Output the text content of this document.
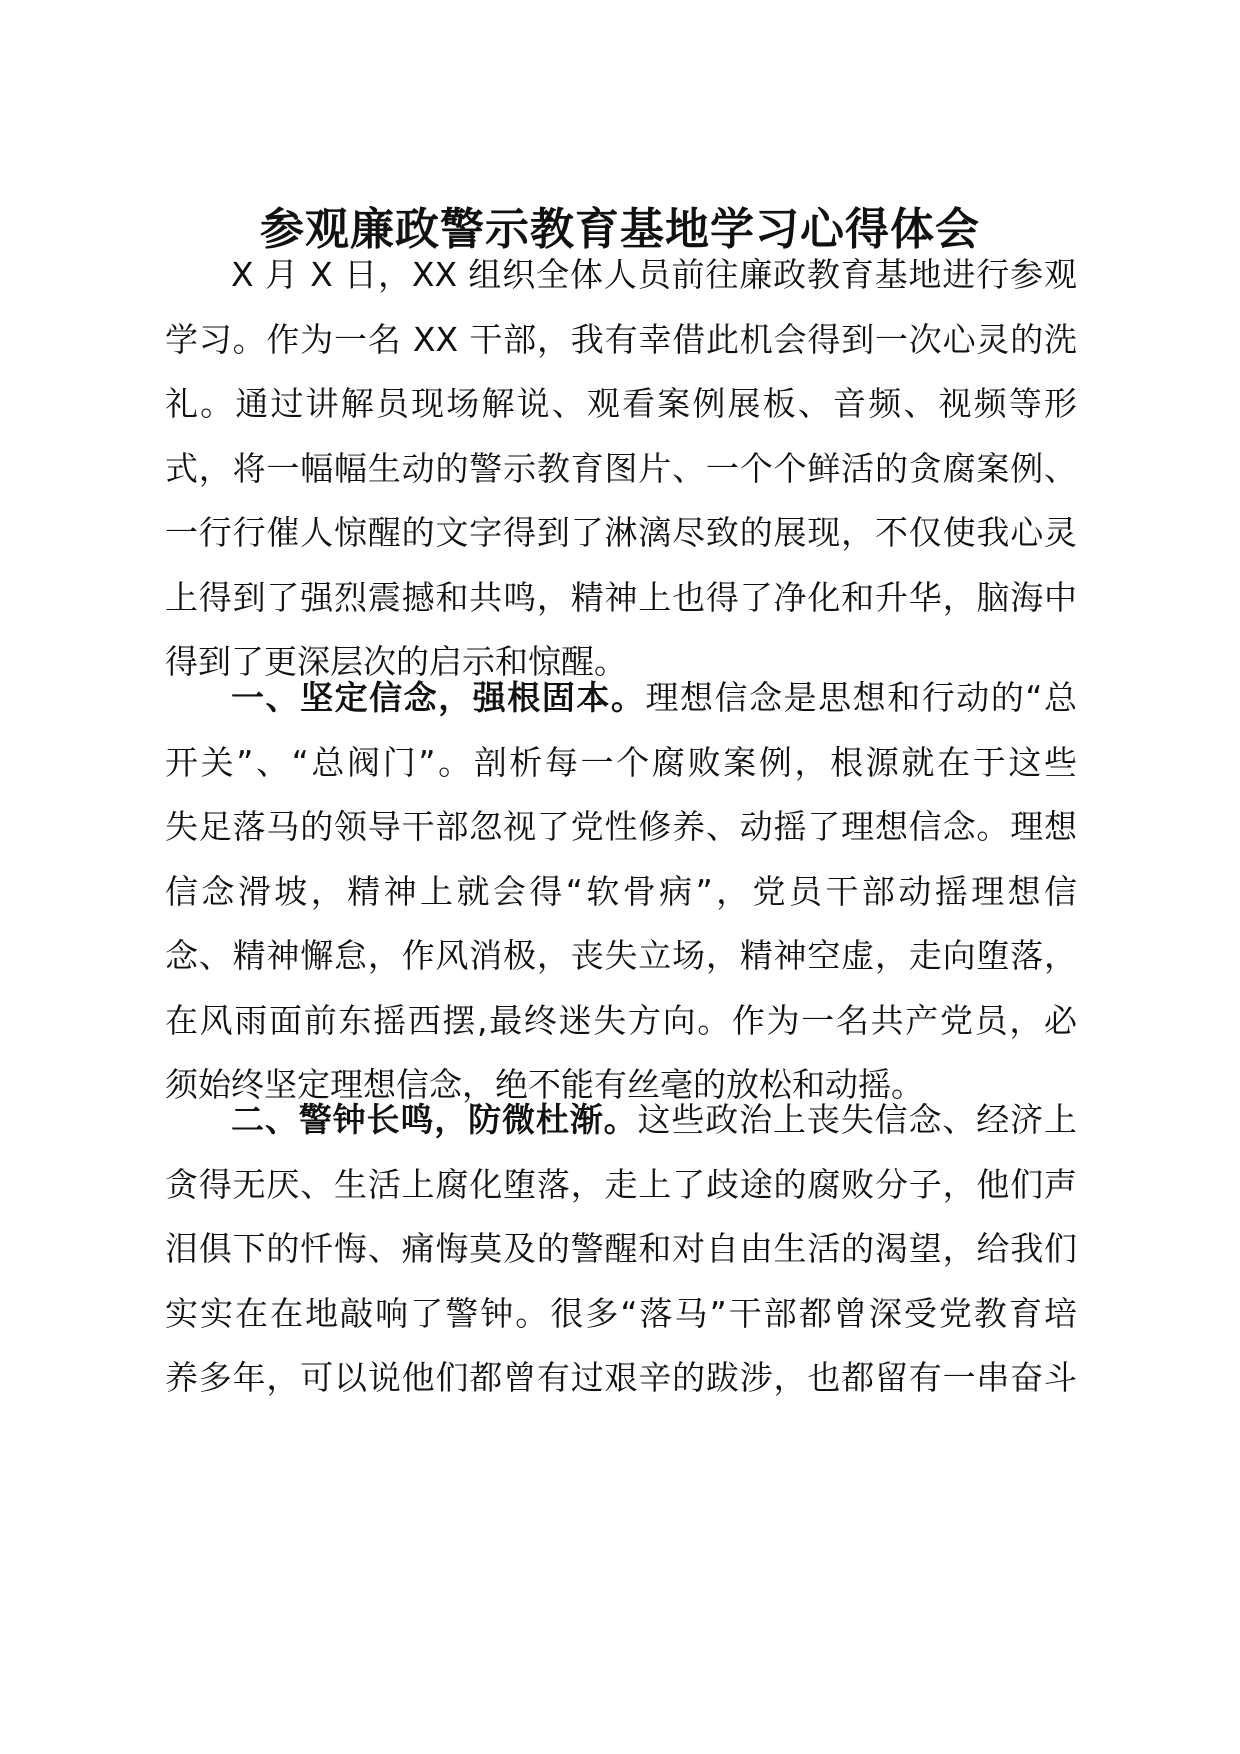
参观廉政警示教育基地学习心得体会
X 月 X 日，XX 组织全体人员前往廉政教育基地进行参观
学习。作为一名 XX 干部，我有幸借此机会得到一次心灵的洗
礼。通过讲解员现场解说、观看案例展板、音频、视频等形
式，将一幅幅生动的警示教育图片、一个个鲜活的贪腐案例、
一行行催人惊醒的文字得到了淋漓尽致的展现，不仅使我心灵
上得到了强烈震撼和共鸣，精神上也得了净化和升华，脑海中
得到了更深层次的启示和惊醒。
一、坚定信念，强根固本。理想信念是思想和行动的“总
开关”、“总阀门”。剖析每一个腐败案例，根源就在于这些
失足落马的领导干部忽视了党性修养、动摇了理想信念。理想
信念滑坡，精神上就会得“软骨病”，党员干部动摇理想信
念、精神懈怠，作风消极，丧失立场，精神空虚，走向堕落，
在风雨面前东摇西摆,最终迷失方向。作为一名共产党员，必
须始终坚定理想信念，绝不能有丝毫的放松和动摇。
二、警钟长鸣，防微杜渐。这些政治上丧失信念、经济上
贪得无厌、生活上腐化堕落，走上了歧途的腐败分子，他们声
泪俱下的忏悔、痛悔莫及的警醒和对自由生活的渴望，给我们
实实在在地敲响了警钟。很多“落马”干部都曾深受党教育培
养多年，可以说他们都曾有过艰辛的跋涉，也都留有一串奋斗
